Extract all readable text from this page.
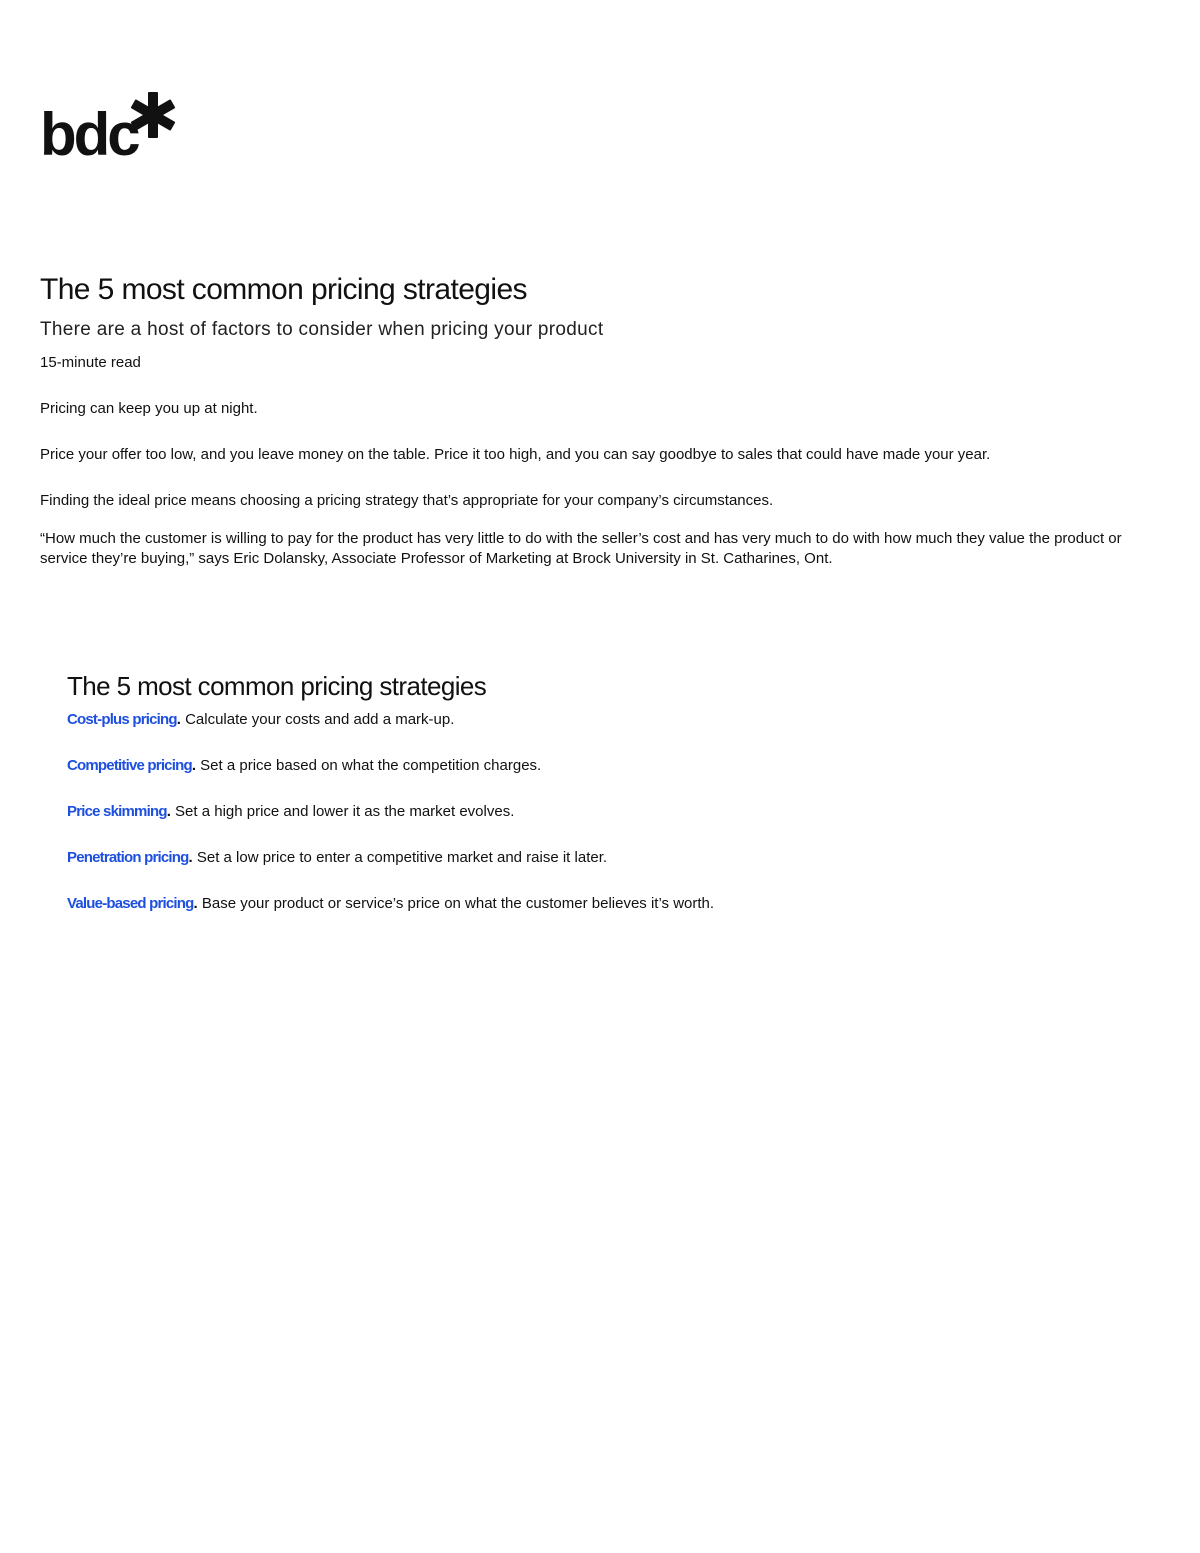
bdc
The 5 most common pricing strategies

There are a host of factors to consider when pricing your product

15-minute read

Pricing can keep you up at night.

Price your offer too low, and you leave money on the table. Price it too high, and you can say goodbye to sales that could have made your year.

Finding the ideal price means choosing a pricing strategy that’s appropriate for your company’s circumstances.

“How much the customer is willing to pay for the product has very little to do with the seller’s cost and has very much to do with how much they value the product or service they’re buying,” says Eric Dolansky, Associate Professor of Marketing at Brock University in St. Catharines, Ont.

The 5 most common pricing strategies

Cost-plus pricing. Calculate your costs and add a mark-up.

Competitive pricing. Set a price based on what the competition charges.

Price skimming. Set a high price and lower it as the market evolves.

Penetration pricing. Set a low price to enter a competitive market and raise it later.

Value-based pricing. Base your product or service’s price on what the customer believes it’s worth.
